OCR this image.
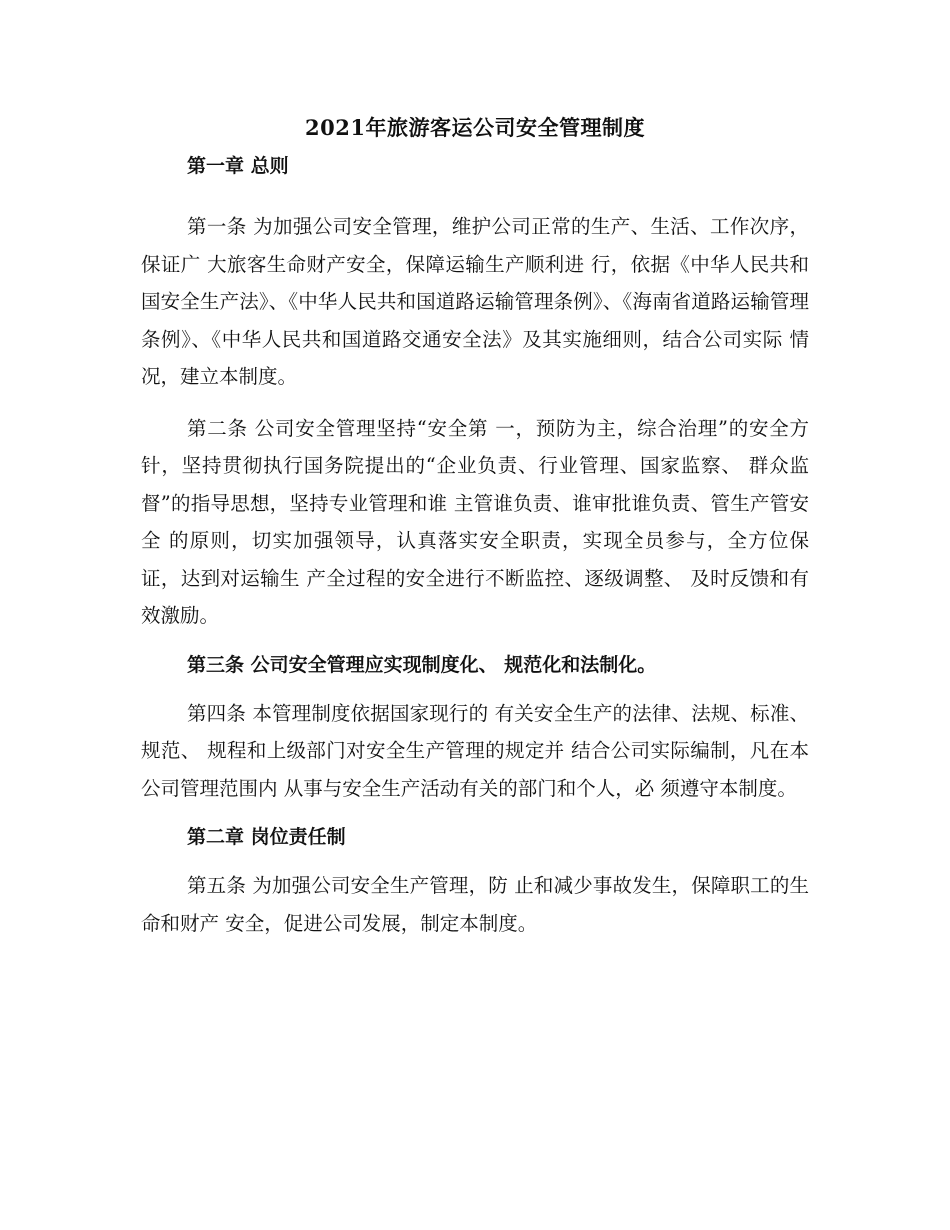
2021年旅游客运公司安全管理制度
第一章 总则

第一条 为加强公司安全管理，维护公司正常的生产、生活、工作次序，保证广 大旅客生命财产安全，保障运输生产顺利进 行，依据《中华人民共和国安全生产法》、《中华人民共和国道路运输管理条例》、《海南省道路运输管理条例》、《中华人民共和国道路交通安全法》及其实施细则，结合公司实际 情况，建立本制度。

第二条 公司安全管理坚持“安全第 一，预防为主，综合治理”的安全方针，坚持贯彻执行国务院提出的“企业负责、行业管理、国家监察、 群众监督”的指导思想，坚持专业管理和谁 主管谁负责、谁审批谁负责、管生产管安全 的原则，切实加强领导，认真落实安全职责，实现全员参与，全方位保证，达到对运输生 产全过程的安全进行不断监控、逐级调整、 及时反馈和有效激励。

第三条 公司安全管理应实现制度化、 规范化和法制化。

第四条 本管理制度依据国家现行的 有关安全生产的法律、法规、标准、规范、 规程和上级部门对安全生产管理的规定并 结合公司实际编制，凡在本公司管理范围内 从事与安全生产活动有关的部门和个人，必 须遵守本制度。

第二章 岗位责任制

第五条 为加强公司安全生产管理，防 止和减少事故发生，保障职工的生命和财产 安全，促进公司发展，制定本制度。
